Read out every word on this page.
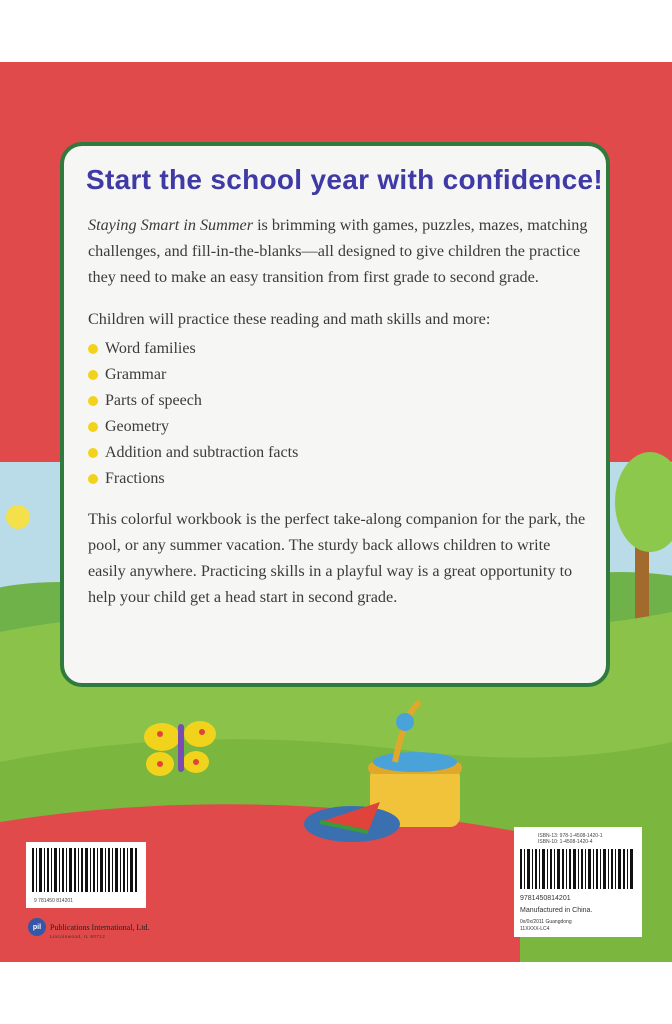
Start the school year with confidence!

Staying Smart in Summer is brimming with games, puzzles, mazes, matching challenges, and fill-in-the-blanks—all designed to give children the practice they need to make an easy transition from first grade to second grade.

Children will practice these reading and math skills and more:

Word families
Grammar
Parts of speech
Geometry
Addition and subtraction facts
Fractions

This colorful workbook is the perfect take-along companion for the park, the pool, or any summer vacation. The sturdy back allows children to write easily anywhere. Practicing skills in a playful way is a great opportunity to help your child get a head start in second grade.

9 781450 814201
ISBN-13: 978-1-4508-1420-1
ISBN-10: 1-4508-1420-4
9781450814201
Manufactured in China.
0x/0x/2011 Guangdong
11XXXX-LC4
pil	Publications International, Ltd.
Lincolnwood, IL 60712
